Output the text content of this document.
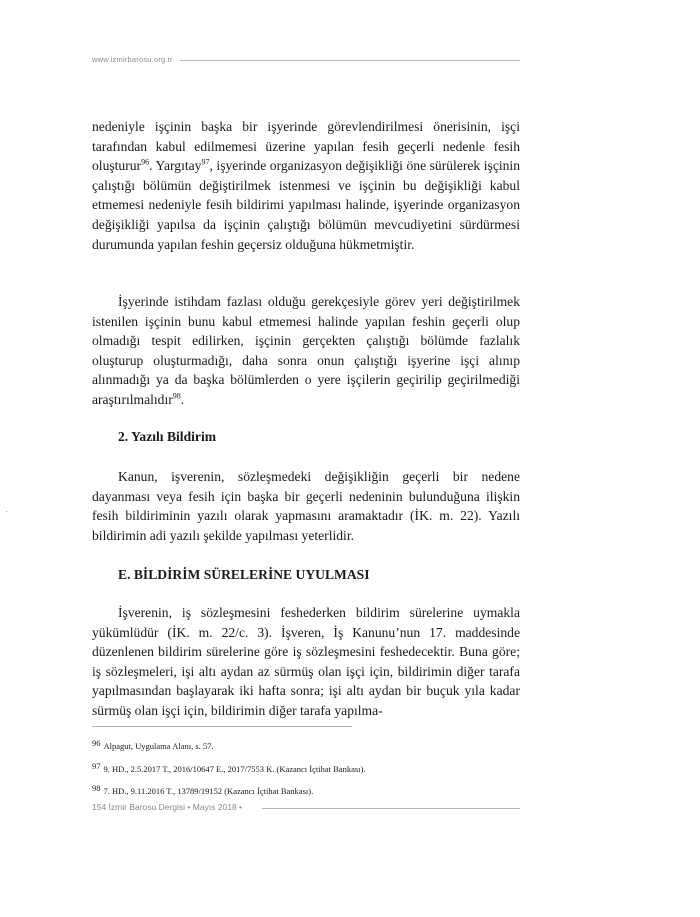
www.izmirbarosu.org.tr

nedeniyle işçinin başka bir işyerinde görevlendirilmesi önerisinin, işçi tarafından kabul edilmemesi üzerine yapılan fesih geçerli nedenle fesih oluşturur$^{96}$. Yargıtay$^{97}$, işyerinde organizasyon değişikliği öne sürülerek işçinin çalıştığı bölümün değiştirilmek istenmesi ve işçinin bu değişikliği kabul etmemesi nedeniyle fesih bildirimi yapılması halinde, işyerinde organizasyon değişikliği yapılsa da işçinin çalıştığı bölümün mevcudiyetini sürdürmesi durumunda yapılan feshin geçersiz olduğuna hükmetmiştir.

İşyerinde istihdam fazlası olduğu gerekçesiyle görev yeri değiştirilmek istenilen işçinin bunu kabul etmemesi halinde yapılan feshin geçerli olup olmadığı tespit edilirken, işçinin gerçekten çalıştığı bölümde fazlalık oluşturup oluşturmadığı, daha sonra onun çalıştığı işyerine işçi alınıp alınmadığı ya da başka bölümlerden o yere işçilerin geçirilip geçirilmediği araştırılmalıdır$^{98}$.

2. Yazılı Bildirim

Kanun, işverenin, sözleşmedeki değişikliğin geçerli bir nedene dayanması veya fesih için başka bir geçerli nedeninin bulunduğuna ilişkin fesih bildiriminin yazılı olarak yapmasını aramaktadır (İK. m. 22). Yazılı bildirimin adi yazılı şekilde yapılması yeterlidir.

E. BİLDİRİM SÜRELERİNE UYULMASI

İşverenin, iş sözleşmesini feshederken bildirim sürelerine uymakla yükümlüdür (İK. m. 22/c. 3). İşveren, İş Kanunu’nun 17. maddesinde düzenlenen bildirim sürelerine göre iş sözleşmesini feshedecektir. Buna göre; iş sözleşmeleri, işi altı aydan az sürmüş olan işçi için, bildirimin diğer tarafa yapılmasından başlayarak iki hafta sonra; işi altı aydan bir buçuk yıla kadar sürmüş olan işçi için, bildirimin diğer tarafa yapılma-

96 Alpagut, Uygulama Alanı, s. 57.
97 9. HD., 2.5.2017 T., 2016/10647 E., 2017/7553 K. (Kazancı İçtihat Bankası).
98 7. HD., 9.11.2016 T., 13789/19152 (Kazancı İçtihat Bankası).
154 İzmir Barosu Dergisi • Mayıs 2018 •
